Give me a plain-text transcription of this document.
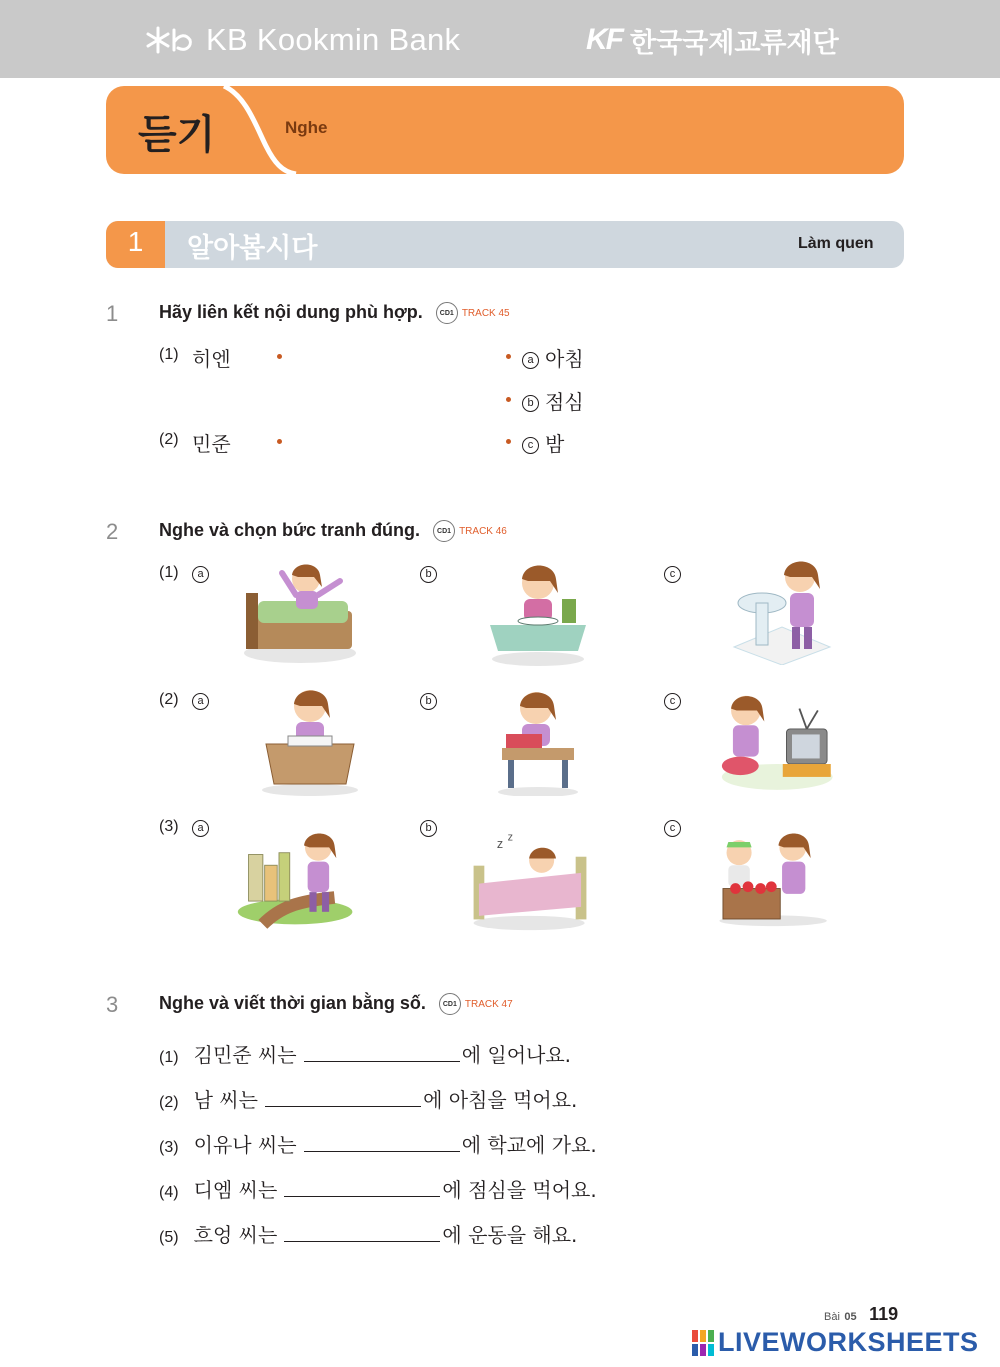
KB Kookmin Bank	KF 한국국제교류재단
듣기	Nghe
1	알아봅시다	Làm quen
1 Hãy liên kết nội dung phù hợp.	CD1 TRACK 45
(1) 히엔
(2) 민준
a 아침
b 점심
c 밤
2 Nghe và chọn bức tranh đúng.	CD1 TRACK 46
(1)
(2)
(3)
a	b	c
a	b	c
a	b	c
z z
3 Nghe và viết thời gian bằng số.	CD1 TRACK 47
(1) 김민준 씨는	에 일어나요.
(2) 남 씨는	에 아침을 먹어요.
(3) 이유나 씨는	에 학교에 가요.
(4) 디엠 씨는	에 점심을 먹어요.
(5) 흐엉 씨는	에 운동을 해요.
Bài 05 119
LIVEWORKSHEETS
